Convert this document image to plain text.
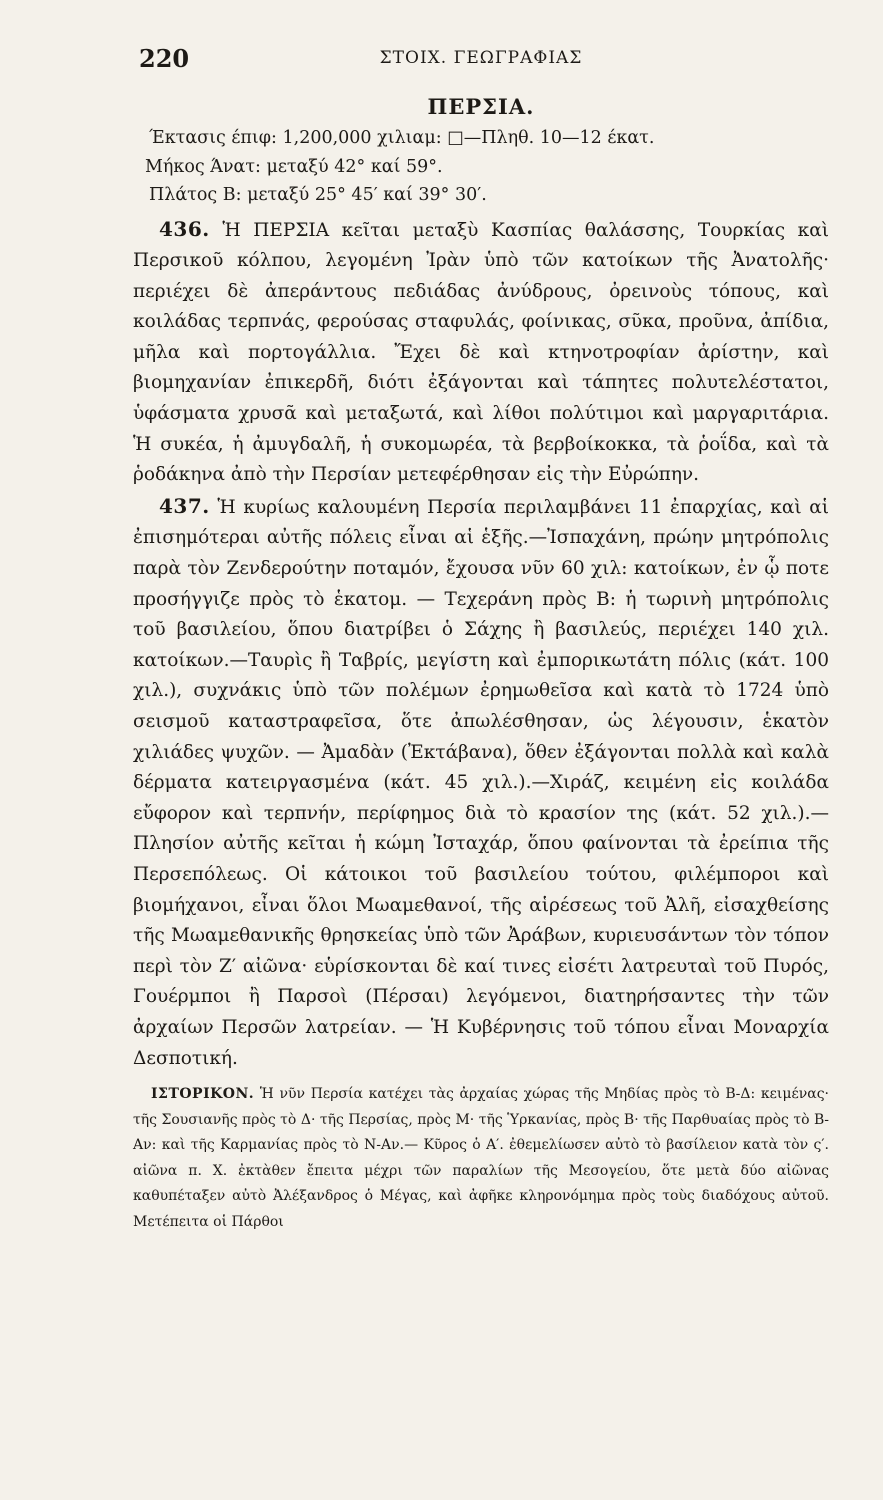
220	ΣΤΟΙΧ. ΓΕΩΓΡΑΦΙΑΣ
ΠΕΡΣΙΑ.
Έκτασις έπιφ: 1,200,000 χιλιαμ: □—Πληθ. 10—12 έκατ.
Μήκος Άνατ: μεταξύ 42° καί 59°.
Πλάτος Β: μεταξύ 25° 45′ καί 39° 30′.

436. Ἡ ΠΕΡΣΙΑ κεῖται μεταξὺ Κασπίας θαλάσσης, Τουρκίας καὶ Περσικοῦ κόλπου, λεγομένη Ἰρὰν ὑπὸ τῶν κατοίκων τῆς Ἀνατολῆς· περιέχει δὲ ἀπεράντους πεδιάδας ἀνύδρους, ὀρεινοὺς τόπους, καὶ κοιλάδας τερπνάς, φερούσας σταφυλάς, φοίνικας, σῦκα, προῦνα, ἀπίδια, μῆλα καὶ πορτογάλλια. Ἔχει δὲ καὶ κτηνοτροφίαν ἀρίστην, καὶ βιομηχανίαν ἐπικερδῆ, διότι ἐξάγονται καὶ τάπητες πολυτελέστατοι, ὑφάσματα χρυσᾶ καὶ μεταξωτά, καὶ λίθοι πολύτιμοι καὶ μαργαριτάρια. Ἡ συκέα, ἡ ἀμυγδαλῆ, ἡ συκομωρέα, τὰ βερβοίκοκκα, τὰ ῥοΐδα, καὶ τὰ ῥοδάκηνα ἀπὸ τὴν Περσίαν μετεφέρθησαν εἰς τὴν Εὐρώπην.

437. Ἡ κυρίως καλουμένη Περσία περιλαμβάνει 11 ἐπαρχίας, καὶ αἱ ἐπισημότεραι αὐτῆς πόλεις εἶναι αἱ ἑξῆς.—Ἰσπαχάνη, πρώην μητρόπολις παρὰ τὸν Ζενδερούτην ποταμόν, ἔχουσα νῦν 60 χιλ: κατοίκων, ἐν ᾧ ποτε προσήγγιζε πρὸς τὸ ἑκατομ. — Τεχεράνη πρὸς Β: ἡ τωρινὴ μητρόπολις τοῦ βασιλείου, ὅπου διατρίβει ὁ Σάχης ἢ βασιλεύς, περιέχει 140 χιλ. κατοίκων.—Ταυρὶς ἢ Ταβρίς, μεγίστη καὶ ἐμπορικωτάτη πόλις (κάτ. 100 χιλ.), συχνάκις ὑπὸ τῶν πολέμων ἐρημωθεῖσα καὶ κατὰ τὸ 1724 ὑπὸ σεισμοῦ καταστραφεῖσα, ὅτε ἀπωλέσθησαν, ὡς λέγουσιν, ἑκατὸν χιλιάδες ψυχῶν. — Ἀμαδὰν (Ἐκτάβανα), ὅθεν ἐξάγονται πολλὰ καὶ καλὰ δέρματα κατειργασμένα (κάτ. 45 χιλ.).—Χιράζ, κειμένη εἰς κοιλάδα εὔφορον καὶ τερπνήν, περίφημος διὰ τὸ κρασίον της (κάτ. 52 χιλ.).—Πλησίον αὐτῆς κεῖται ἡ κώμη Ἰσταχάρ, ὅπου φαίνονται τὰ ἐρείπια τῆς Περσεπόλεως. Οἱ κάτοικοι τοῦ βασιλείου τούτου, φιλέμποροι καὶ βιομήχανοι, εἶναι ὅλοι Μωαμεθανοί, τῆς αἱρέσεως τοῦ Ἀλῆ, εἰσαχθείσης τῆς Μωαμεθανικῆς θρησκείας ὑπὸ τῶν Ἀράβων, κυριευσάντων τὸν τόπον περὶ τὸν Ζ′ αἰῶνα· εὑρίσκονται δὲ καί τινες εἰσέτι λατρευταὶ τοῦ Πυρός, Γουέρμποι ἢ Παρσοὶ (Πέρσαι) λεγόμενοι, διατηρήσαντες τὴν τῶν ἀρχαίων Περσῶν λατρείαν. — Ἡ Κυβέρνησις τοῦ τόπου εἶναι Μοναρχία Δεσποτική.

ΙΣΤΟΡΙΚΟΝ. Ἡ νῦν Περσία κατέχει τὰς ἀρχαίας χώρας τῆς Μηδίας πρὸς τὸ Β-Δ: κειμένας· τῆς Σουσιανῆς πρὸς τὸ Δ· τῆς Περσίας, πρὸς Μ· τῆς Ὑρκανίας, πρὸς Β· τῆς Παρθυαίας πρὸς τὸ Β-Αν: καὶ τῆς Καρμανίας πρὸς τὸ Ν-Αν.— Κῦρος ὁ Α′. ἐθεμελίωσεν αὐτὸ τὸ βασίλειον κατὰ τὸν ς′. αἰῶνα π. Χ. ἐκτὰθεν ἔπειτα μέχρι τῶν παραλίων τῆς Μεσογείου, ὅτε μετὰ δύο αἰῶνας καθυπέταξεν αὐτὸ Ἀλέξανδρος ὁ Μέγας, καὶ ἀφῆκε κληρονόμημα πρὸς τοὺς διαδόχους αὐτοῦ. Μετέπειτα οἱ Πάρθοι
